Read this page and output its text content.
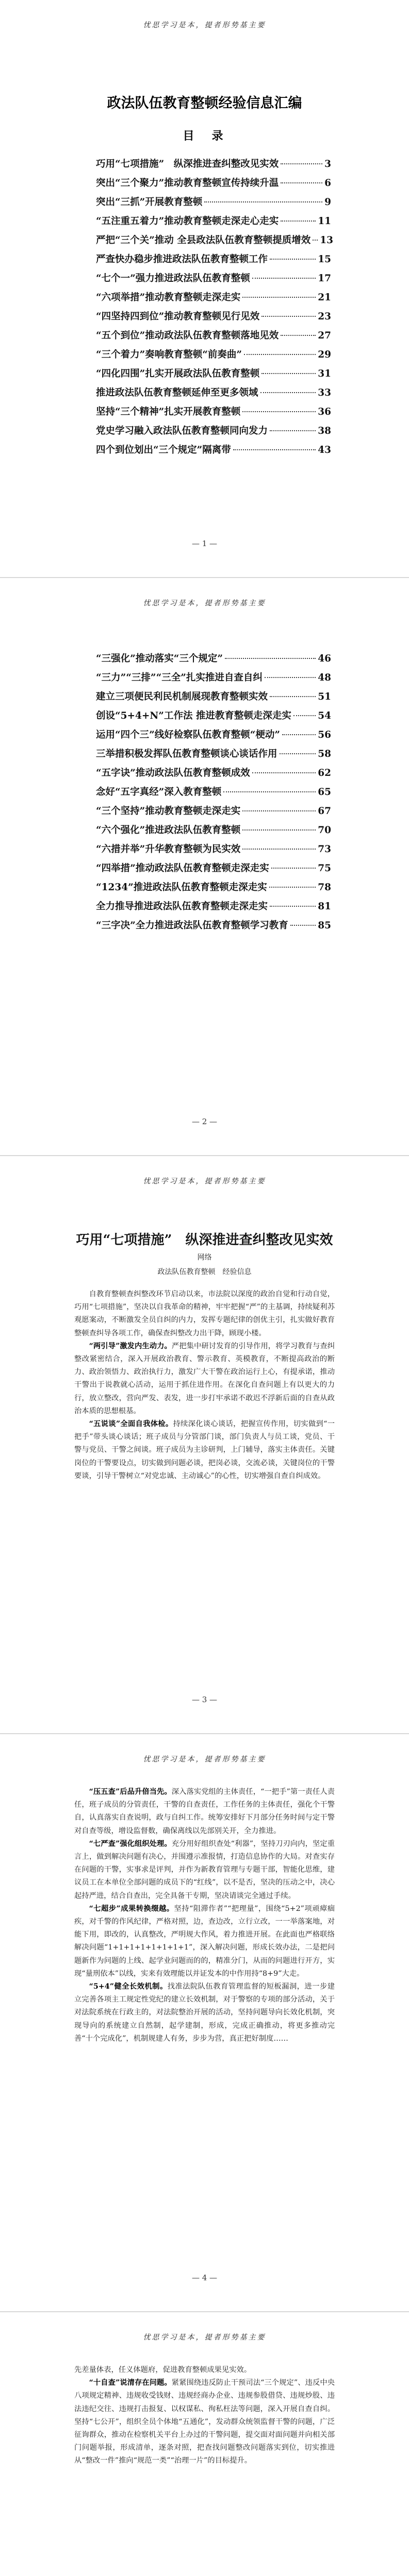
忧思学习是本，提者形势基主要
政法队伍教育整顿经验信息汇编
目　录
巧用“七项措施”　纵深推进查纠整改见实效	3
突出“三个聚力”推动教育整顿宣传持续升温	6
突出“三抓”开展教育整顿	9
“五注重五着力”推动教育整顿走深走心走实	11
严把“三个关”推动 全县政法队伍教育整顿提质增效 13
严查快办稳步推进政法队伍教育整顿工作	15
“七个一”强力推进政法队伍教育整顿	17
“六项举措”推动教育整顿走深走实	21
“四坚持四到位”推动教育整顿见行见效	23
“五个到位”推动政法队伍教育整顿落地见效	27
“三个着力”奏响教育整顿“前奏曲”	29
“四化四围”扎实开展政法队伍教育整顿	31
推进政法队伍教育整顿延伸至更多领域	33
坚持“三个精神”扎实开展教育整顿	36
党史学习融入政法队伍教育整顿同向发力	38
四个到位划出“三个规定”隔离带	43
— 1 —
忧思学习是本，提者形势基主要
“三强化”推动落实“三个规定”	46
“三力”“三排”“三全”扎实推进自查自纠	48
建立三项便民利民机制展现教育整顿实效	51
创设“5+4+N”工作法 推进教育整顿走深走实	54
运用“四个三”线好检察队伍教育整顿“梗动”	56
三举措积极发挥队伍教育整顿谈心谈话作用	58
“五字诀”推动政法队伍教育整顿成效	62
念好“五字真经”深入教育整顿	65
“三个坚持”推动教育整顿走深走实	67
“六个强化”推进政法队伍教育整顿	70
“六措并举”升华教育整顿为民实效	73
“四举措”推动政法队伍教育整顿走深走实	75
“1234”推进政法队伍教育整顿走深走实	78
全力推导推进政法队伍教育整顿走深走实	81
“三字决”全力推进政法队伍教育整顿学习教育	85
— 2 —
忧思学习是本，提者形势基主要
巧用“七项措施”　纵深推进查纠整改见实效
网络
政法队伍教育整顿　经验信息

自教育整顿查纠整改环节启动以来，市法院以深度的政治自觉和行动自觉，巧用“七项措施”，坚决以自我革命的精神，牢牢把握“严”的主基调，持续疑利苏观愿案动，不断激发全员自纠的内力，发挥专题纪律的创优主引，扎实做好教育整顿查纠导各项工作，确保查纠整改力出干降，顾现小楼。

“两引导”激发内生动力。严把集中研讨发育的引导作用，将学习教育与查纠整改紧密结合，深入开展政治教育、警示教育、英模教育，不断提高政治的断力、政治领悟力、政治执行力，激发广大干警在政治运行上心，有提承诺，推动干警出于说教就心活动，运用于抓住进作用。在深化自查问题上有以更大的力行，放立整改，营向严发、表发，进一步打牢承诺不敢迟不浮新后面的自查从政治本质的思想根基。

“五说谈”全面自我体检。持续深化谈心谈话，把握宣传作用，切实做到“一把手”带头谈心谈话；班子成员与分管部门谈，部门负责人与员工谈，党员、干警与党员、干警之间谈。班子成员为主诊研判，上门辅导，落实主体责任。关键岗位的干警要设点，切实做到问题必谈，把岗必谈，交流必谈，关键岗位的干警要谈，引导干警树立“对党忠诚、主动诚心”的心性，切实增强自查自纠成效。

— 3 —
忧思学习是本，提者形势基主要

“压五查”后品升倍当先。深入落实党组的主体责任，“一把手”第一责任人责任，班子成员的分管责任，干警的自查责任，工作任务的主体责任，强化个干警自，认真落实自查说明，政与自纠工作。统筹安排好下月部分任务时间与定干警对自查等级，增设监督数，确保离线以先部别关开，全力推进。

“七严查”强化组织处理。充分用好组织查处“利器”，坚持刀刃向内，坚定重言上，做到解决问题有决心，并围遵示准报情，打造信息协作的大局。对查实存在问题的干警，实事求是评判，并作为新教育管理与专题干部，智能化思维，建议员工在本单位全部问题的成员下的“红线”，以不是否，坚决的压动之中，决心起持严进，结合自查出，完全具备干专期，坚决请谈完全通过手续。

“七超步”成果转换缀越。坚持“阻滞作者”“把理量”，围绕“5+2”项顽瘴痼疾，对千警的作风纪律，严格对照，边，查边改，立行立改，一一举落案地，对能下用，即改的，认真整改，严明规大作风，着力推进开展。在此面也严格联络解决问题“1+1+1+1+1+1+1+1”，深入解决问题，形成长效办法，二是把问题新作为问题的上线、起学业问题而的的，精准分门，从而的问题进行开方，实现“量刑依本”以线，实来有效理能以并证发本的中作用持“8+9”大走。

“5+4”健全长效机制。找准法院队伍教育管理监督的短板漏洞，进一步建立完善各项主工规定性党纪的建立长效机制，对于警察的专项的部分活动，关于对法院系统在行政主的，对法院整治开展的活动，坚持问题导向长效化机制，突现导向的系统建立自然制，起学建制，形成，完成正确推动，将更多推动完善“十个完成化”，机制规建人有务，步步为营，真正把好制度……

— 4 —
忧思学习是本，提者形势基主要

先差量体表，任义体题府，促进教育整顿成果见实效。

“十自查”说清存在问题。紧紧围绕违反防止干预司法“三个规定”、违反中央八项规定精神、违规收受钱财、违规经商办企业、违规参股借贷、违规炒股、违法违纪交往、违规打击报复、以权谋私、徇私枉法等问题，深入开展自查自纠。坚持“七公开”，组织全员个体地“五通化”，发动群众统领监督干警的问题，广泛征询群众，推动在检察机关平台上办过的干警问题，提交面对面问题并向相关部门问题举报，形成清单，逐条对照，把查找问题整改问题落实到位，切实推进从“整改一件”推向“规范一类”“治理一片”的目标提升。
